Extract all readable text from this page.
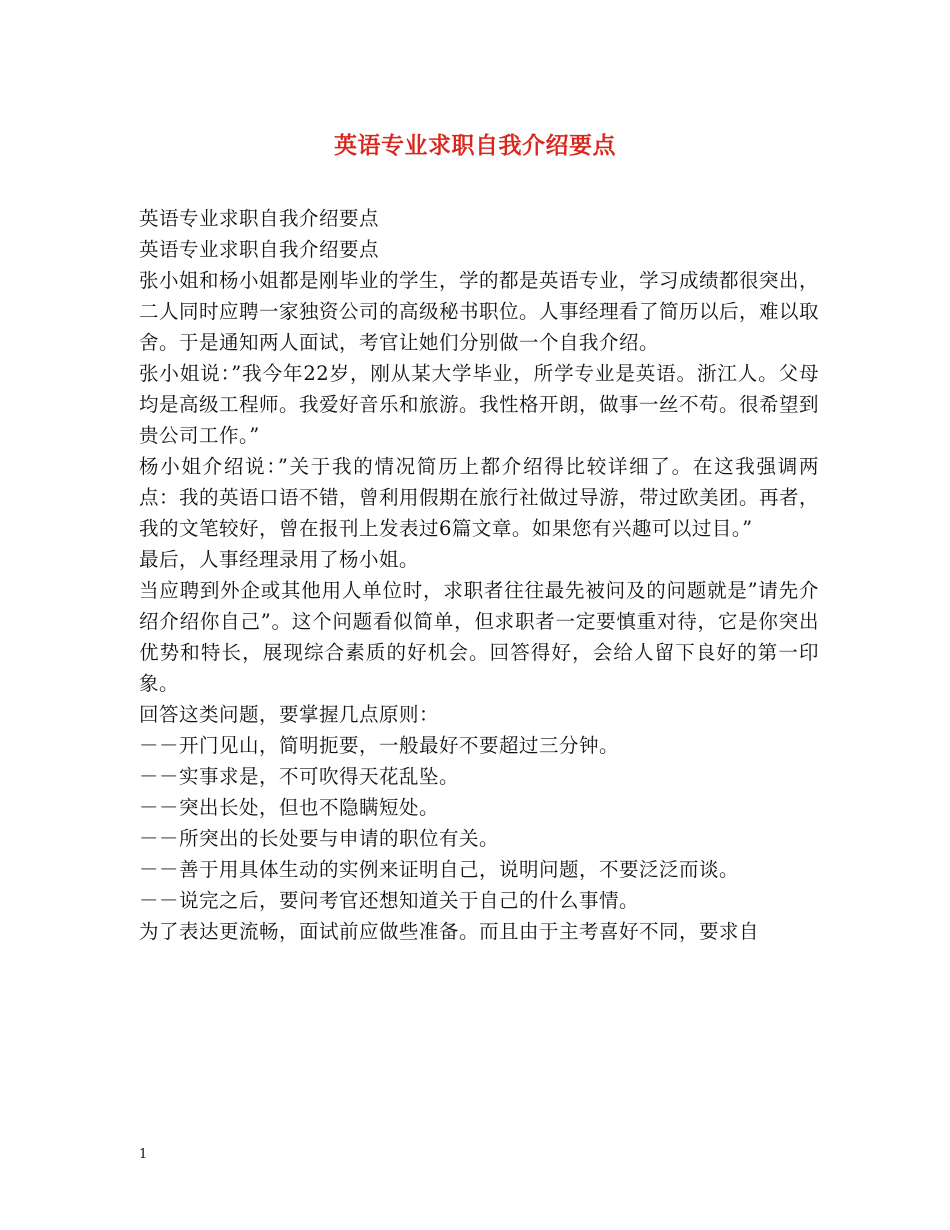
英语专业求职自我介绍要点

英语专业求职自我介绍要点

英语专业求职自我介绍要点

张小姐和杨小姐都是刚毕业的学生，学的都是英语专业，学习成绩都很突出，二人同时应聘一家独资公司的高级秘书职位。人事经理看了简历以后，难以取舍。于是通知两人面试，考官让她们分别做一个自我介绍。

张小姐说：”我今年22岁，刚从某大学毕业，所学专业是英语。浙江人。父母均是高级工程师。我爱好音乐和旅游。我性格开朗，做事一丝不苟。很希望到贵公司工作。”

杨小姐介绍说：”关于我的情况简历上都介绍得比较详细了。在这我强调两点：我的英语口语不错，曾利用假期在旅行社做过导游，带过欧美团。再者，我的文笔较好，曾在报刊上发表过6篇文章。如果您有兴趣可以过目。”

最后，人事经理录用了杨小姐。

当应聘到外企或其他用人单位时，求职者往往最先被问及的问题就是”请先介绍介绍你自己”。这个问题看似简单，但求职者一定要慎重对待，它是你突出优势和特长，展现综合素质的好机会。回答得好，会给人留下良好的第一印象。

回答这类问题，要掌握几点原则：

－－开门见山，简明扼要，一般最好不要超过三分钟。

－－实事求是，不可吹得天花乱坠。

－－突出长处，但也不隐瞒短处。

－－所突出的长处要与申请的职位有关。

－－善于用具体生动的实例来证明自己，说明问题，不要泛泛而谈。

－－说完之后，要问考官还想知道关于自己的什么事情。

为了表达更流畅，面试前应做些准备。而且由于主考喜好不同，要求自

1
